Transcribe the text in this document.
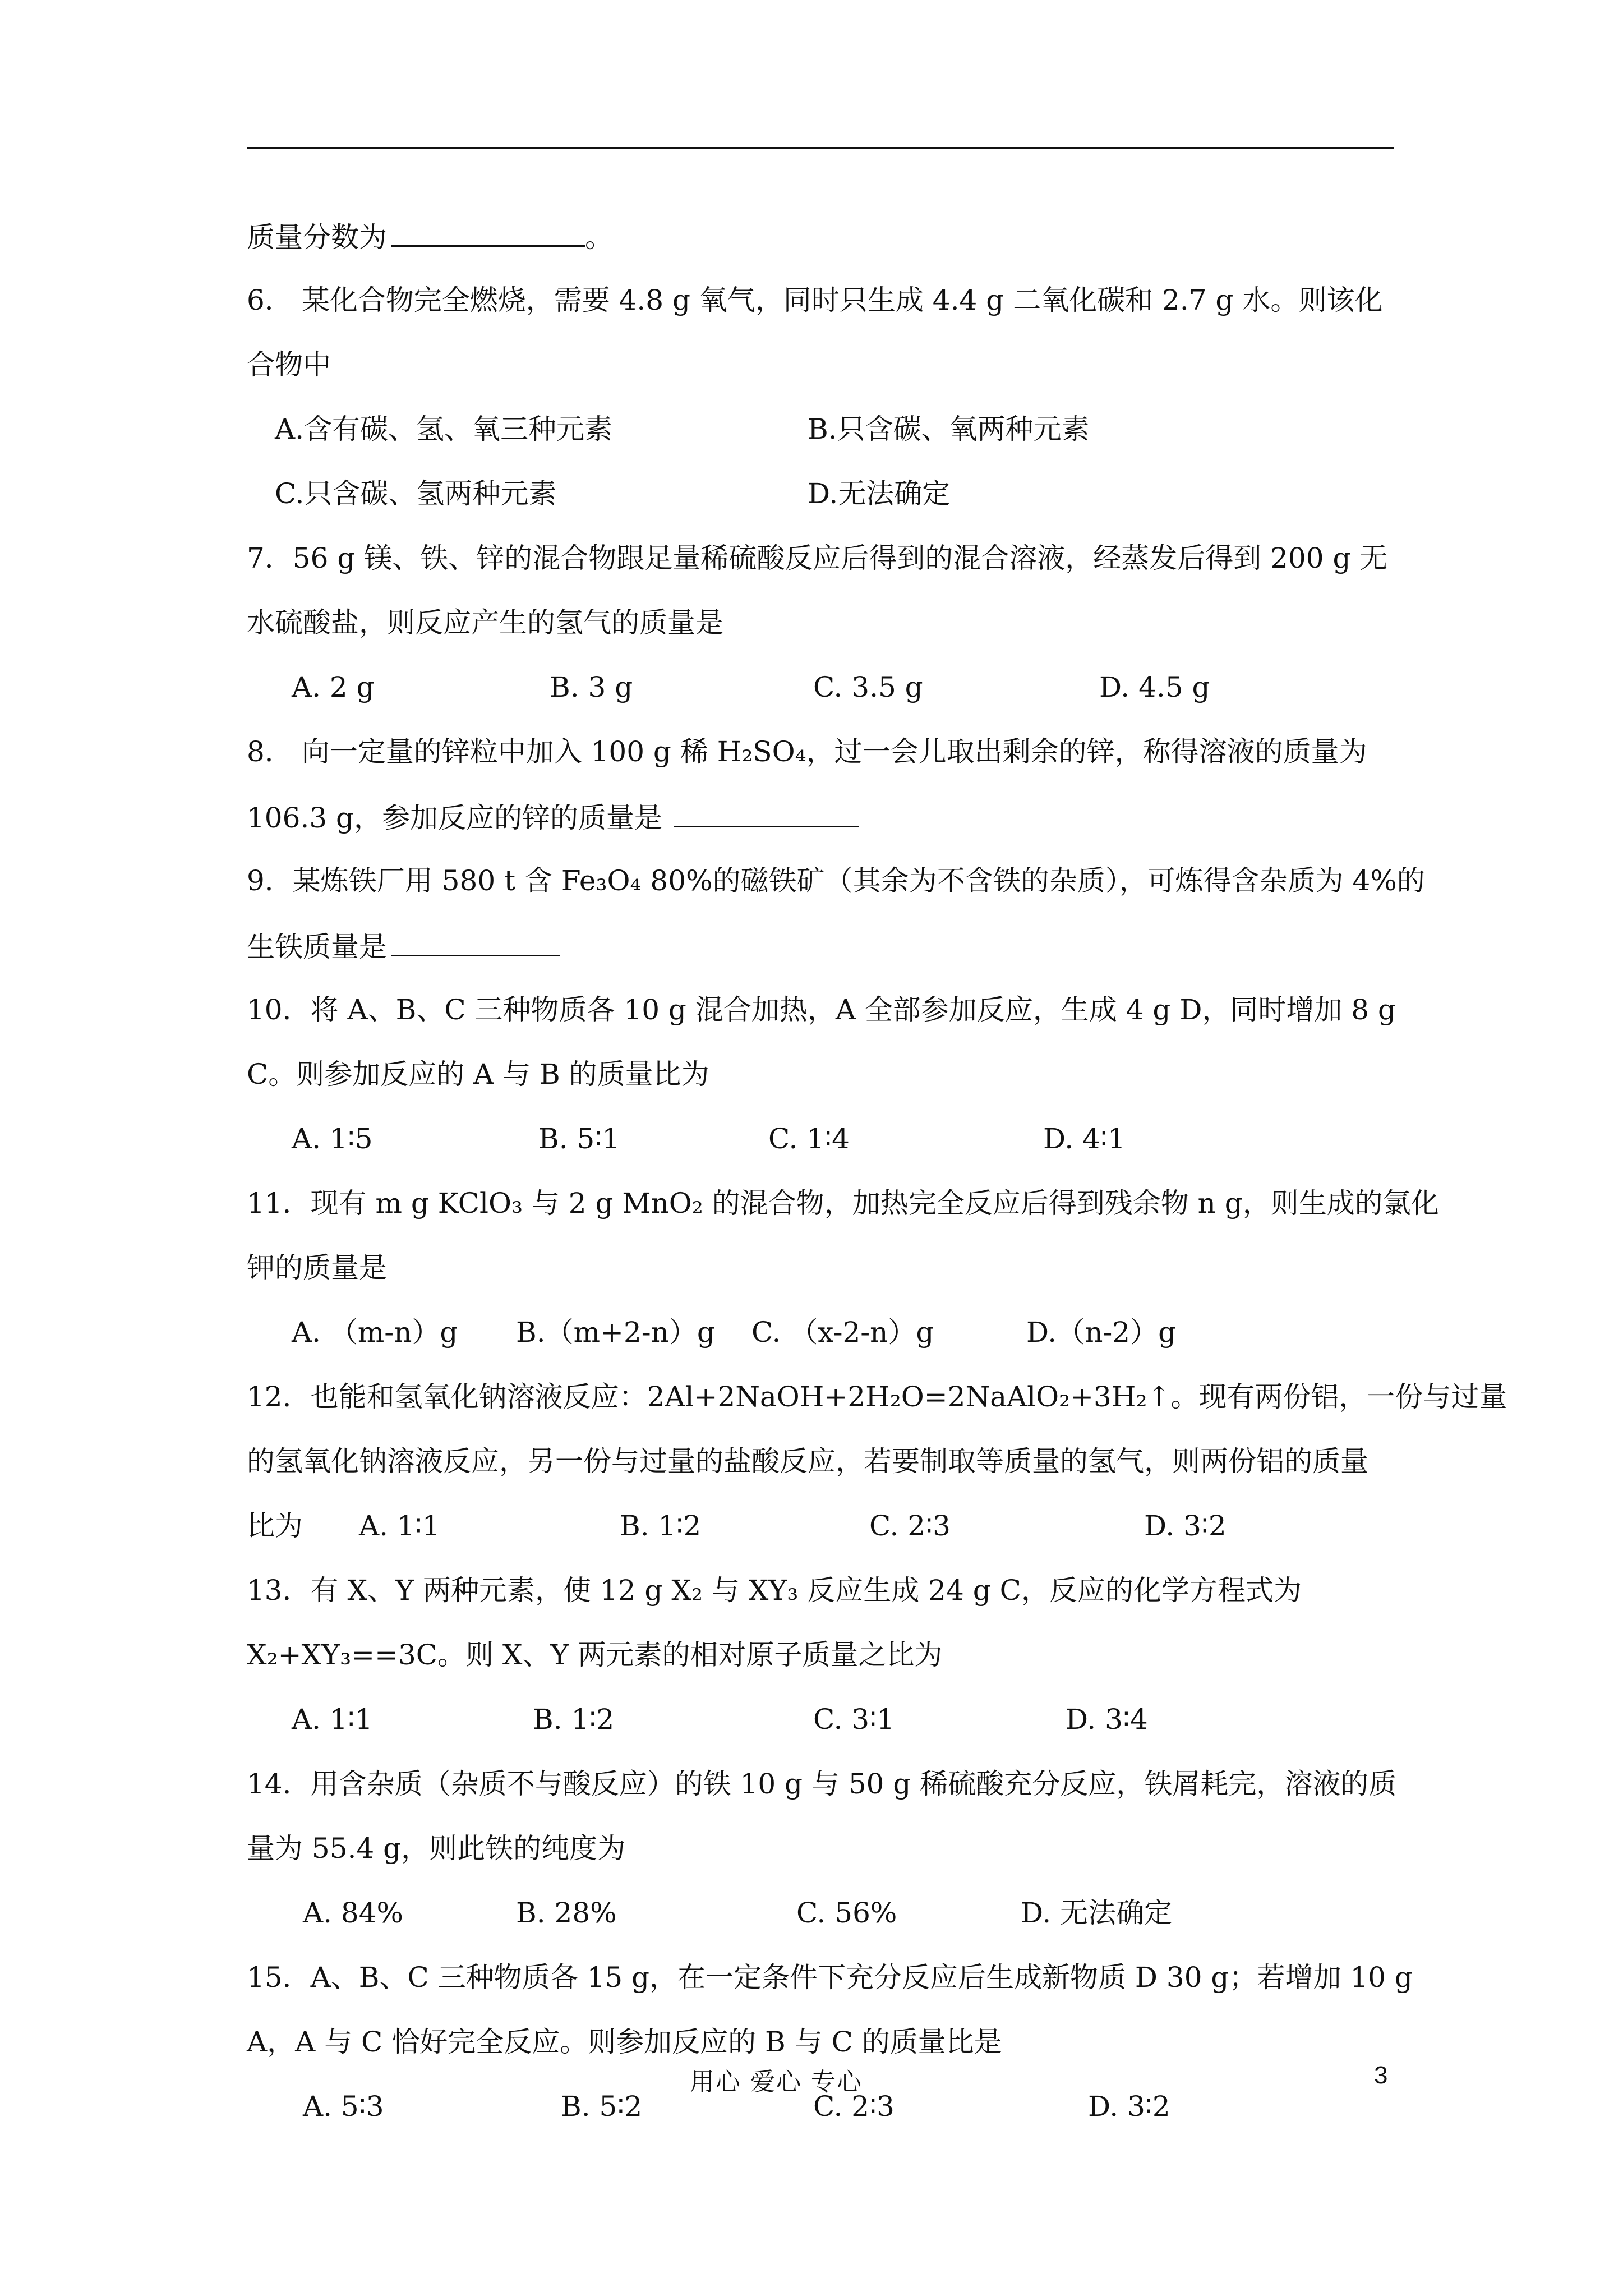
质量分数为	。
6． 某化合物完全燃烧，需要 4.8 g 氧气，同时只生成 4.4 g 二氧化碳和 2.7 g 水。则该化
合物中
A.含有碳、氢、氧三种元素	B.只含碳、氧两种元素
C.只含碳、氢两种元素	D.无法确定
7．56 g 镁、铁、锌的混合物跟足量稀硫酸反应后得到的混合溶液，经蒸发后得到 200 g 无
水硫酸盐，则反应产生的氢气的质量是
A. 2 g	B. 3 g	C. 3.5 g	D. 4.5 g
8． 向一定量的锌粒中加入 100 g 稀 H₂SO₄，过一会儿取出剩余的锌，称得溶液的质量为
106.3 g，参加反应的锌的质量是
9．某炼铁厂用 580 t 含 Fe₃O₄ 80%的磁铁矿（其余为不含铁的杂质），可炼得含杂质为 4%的
生铁质量是
10．将 A、B、C 三种物质各 10 g 混合加热，A 全部参加反应，生成 4 g D，同时增加 8 g
C。则参加反应的 A 与 B 的质量比为
A. 1∶5	B. 5∶1	C. 1∶4	D. 4∶1
11．现有 m g KClO₃ 与 2 g MnO₂ 的混合物，加热完全反应后得到残余物 n g，则生成的氯化
钾的质量是
A. （m-n）g B.（m+2-n）g C. （x-2-n）g	D.（n-2）g
12．也能和氢氧化钠溶液反应：2Al+2NaOH+2H₂O=2NaAlO₂+3H₂↑。现有两份铝，一份与过量
的氢氧化钠溶液反应，另一份与过量的盐酸反应，若要制取等质量的氢气，则两份铝的质量
比为 A. 1∶1	B. 1∶2	C. 2∶3	D. 3∶2
13．有 X、Y 两种元素，使 12 g X₂ 与 XY₃ 反应生成 24 g C，反应的化学方程式为
X₂+XY₃==3C。则 X、Y 两元素的相对原子质量之比为
A. 1∶1	B. 1∶2	C. 3∶1	D. 3∶4
14．用含杂质（杂质不与酸反应）的铁 10 g 与 50 g 稀硫酸充分反应，铁屑耗完，溶液的质
量为 55.4 g，则此铁的纯度为
A. 84%	B. 28%	C. 56%	D. 无法确定
15．A、B、C 三种物质各 15 g，在一定条件下充分反应后生成新物质 D 30 g；若增加 10 g
A，A 与 C 恰好完全反应。则参加反应的 B 与 C 的质量比是
A. 5∶3	B. 5∶2	C. 2∶3	D. 3∶2
用心 爱心 专心	3
